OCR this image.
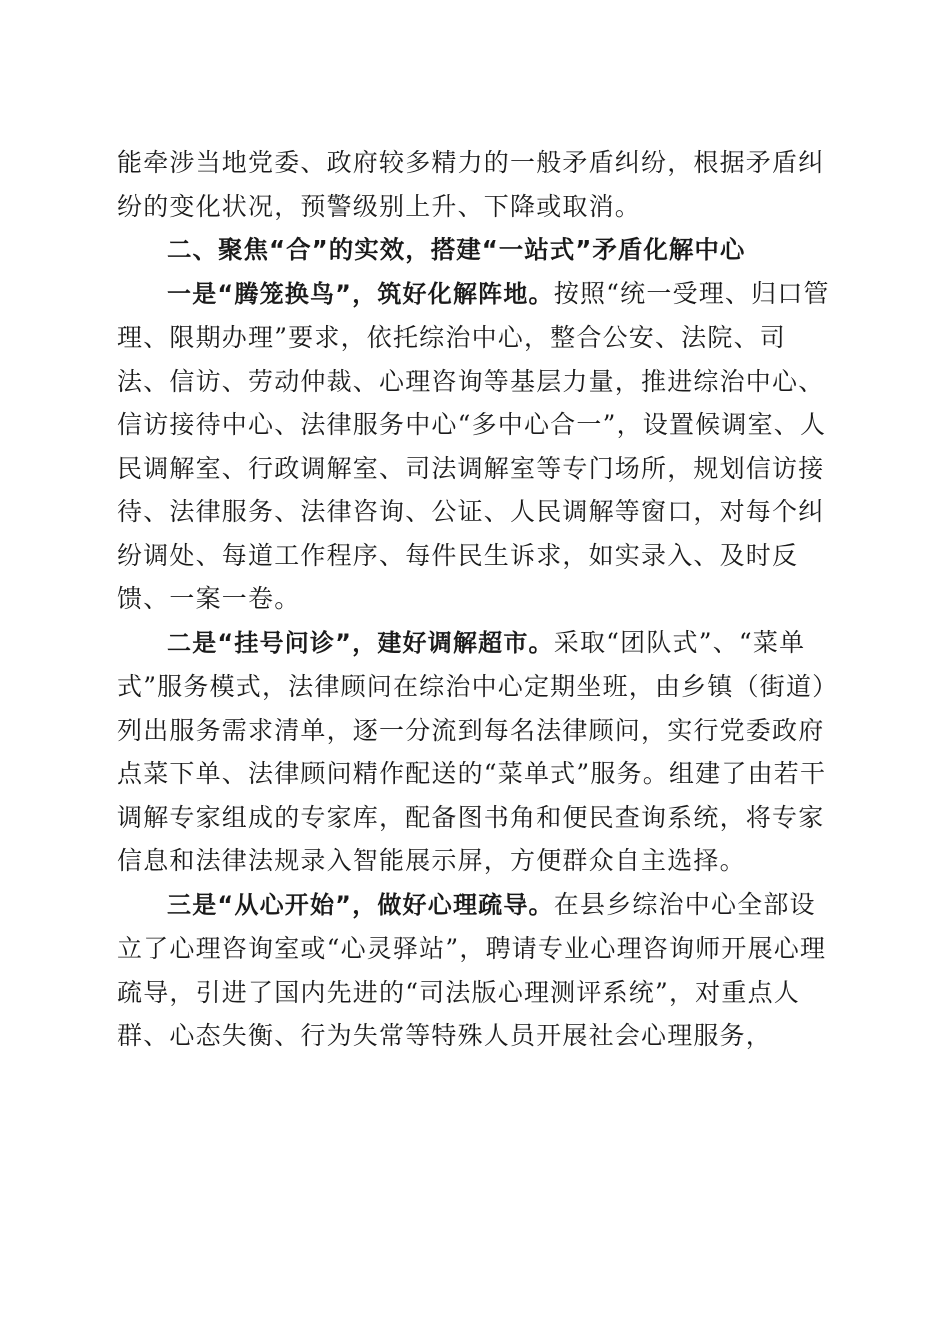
能牵涉当地党委、政府较多精力的一般矛盾纠纷，根据矛盾纠纷的变化状况，预警级别上升、下降或取消。

二、聚焦“合”的实效，搭建“一站式”矛盾化解中心

一是“腾笼换鸟”，筑好化解阵地。按照“统一受理、归口管理、限期办理”要求，依托综治中心，整合公安、法院、司法、信访、劳动仲裁、心理咨询等基层力量，推进综治中心、信访接待中心、法律服务中心“多中心合一”，设置候调室、人民调解室、行政调解室、司法调解室等专门场所，规划信访接待、法律服务、法律咨询、公证、人民调解等窗口，对每个纠纷调处、每道工作程序、每件民生诉求，如实录入、及时反馈、一案一卷。

二是“挂号问诊”，建好调解超市。采取“团队式”、“菜单式”服务模式，法律顾问在综治中心定期坐班，由乡镇（街道）列出服务需求清单，逐一分流到每名法律顾问，实行党委政府点菜下单、法律顾问精作配送的“菜单式”服务。组建了由若干调解专家组成的专家库，配备图书角和便民查询系统，将专家信息和法律法规录入智能展示屏，方便群众自主选择。

三是“从心开始”，做好心理疏导。在县乡综治中心全部设立了心理咨询室或“心灵驿站”，聘请专业心理咨询师开展心理疏导，引进了国内先进的“司法版心理测评系统”，对重点人群、心态失衡、行为失常等特殊人员开展社会心理服务，
